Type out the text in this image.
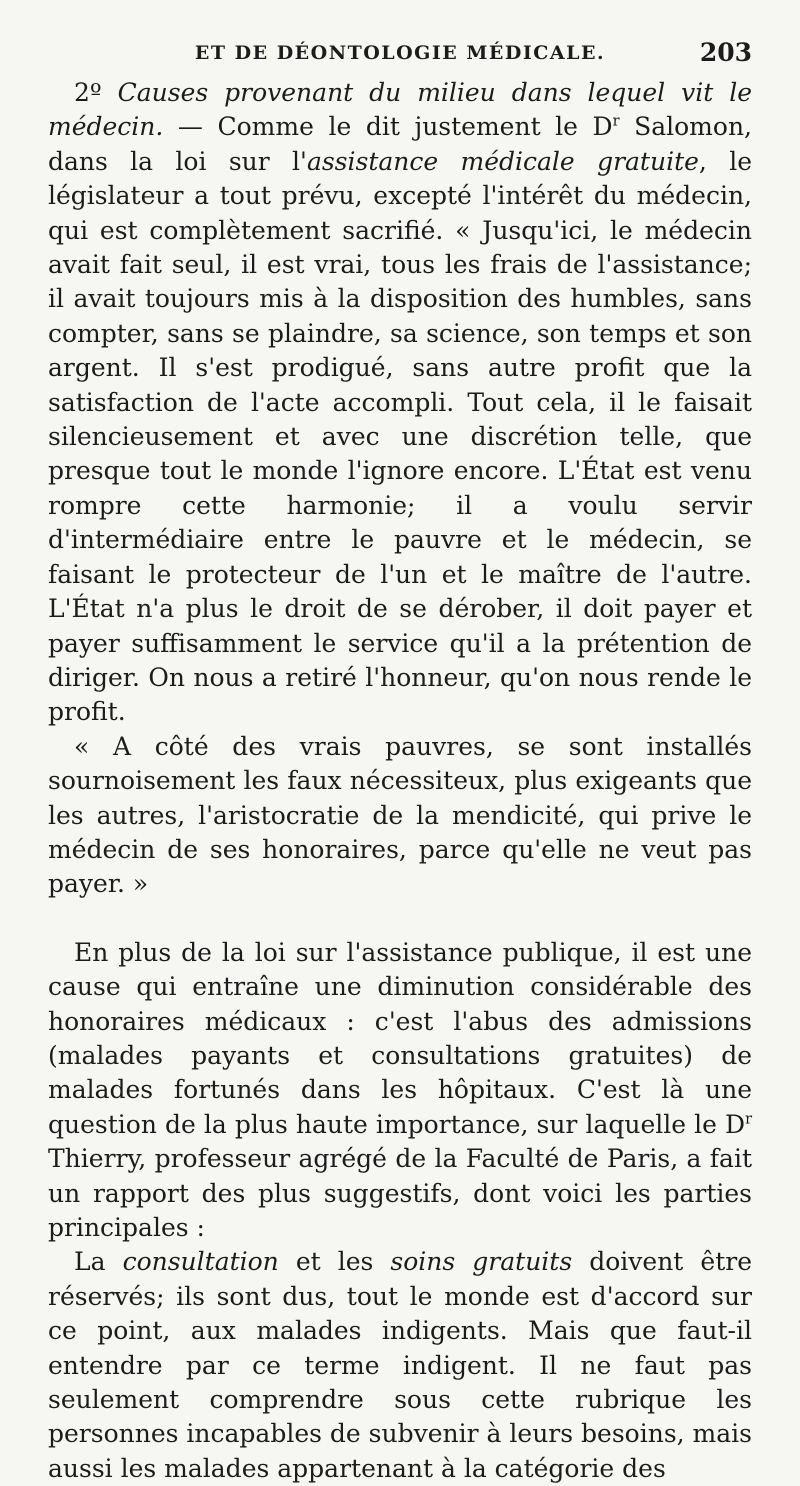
ET DE DÉONTOLOGIE MÉDICALE.	203

2º Causes provenant du milieu dans lequel vit le médecin. — Comme le dit justement le $D^r$ Salomon, dans la loi sur l'assistance médicale gratuite, le législateur a tout prévu, excepté l'intérêt du médecin, qui est complètement sacrifié. « Jusqu'ici, le médecin avait fait seul, il est vrai, tous les frais de l'assistance; il avait toujours mis à la disposition des humbles, sans compter, sans se plaindre, sa science, son temps et son argent. Il s'est prodigué, sans autre profit que la satisfaction de l'acte accompli. Tout cela, il le faisait silencieusement et avec une discrétion telle, que presque tout le monde l'ignore encore. L'État est venu rompre cette harmonie; il a voulu servir d'intermédiaire entre le pauvre et le médecin, se faisant le protecteur de l'un et le maître de l'autre. L'État n'a plus le droit de se dérober, il doit payer et payer suffisamment le service qu'il a la prétention de diriger. On nous a retiré l'honneur, qu'on nous rende le profit.

« A côté des vrais pauvres, se sont installés sournoisement les faux nécessiteux, plus exigeants que les autres, l'aristocratie de la mendicité, qui prive le médecin de ses honoraires, parce qu'elle ne veut pas payer. »

En plus de la loi sur l'assistance publique, il est une cause qui entraîne une diminution considérable des honoraires médicaux : c'est l'abus des admissions (malades payants et consultations gratuites) de malades fortunés dans les hôpitaux. C'est là une question de la plus haute importance, sur laquelle le $D^r$ Thierry, professeur agrégé de la Faculté de Paris, a fait un rapport des plus suggestifs, dont voici les parties principales :

La consultation et les soins gratuits doivent être réservés; ils sont dus, tout le monde est d'accord sur ce point, aux malades indigents. Mais que faut-il entendre par ce terme indigent. Il ne faut pas seulement comprendre sous cette rubrique les personnes incapables de subvenir à leurs besoins, mais aussi les malades appartenant à la catégorie des
